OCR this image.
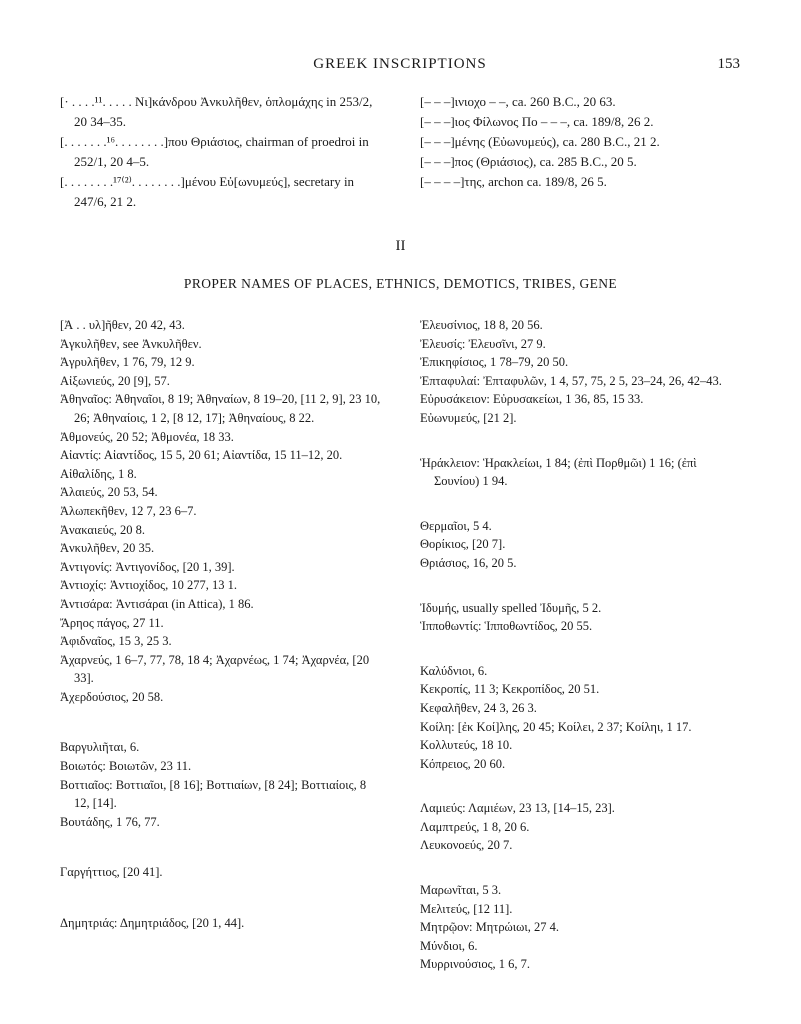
GREEK INSCRIPTIONS	153

[· . . . .¹¹. . . . . Νι]κάνδρου Ἀνκυλῆθεν, ὁπλομάχης in 253/2, 20 34–35.

[. . . . . . .¹⁶. . . . . . . .]που Θριάσιος, chairman of proedroi in 252/1, 20 4–5.

[. . . . . . . .¹⁷⁽²⁾. . . . . . . .]μένου Εὐ[ωνυμεύς], secretary in 247/6, 21 2.

[– – –]ινιοχο – –, ca. 260 B.C., 20 63.

[– – –]ιος Φίλωνος Πο – – –, ca. 189/8, 26 2.

[– – –]μένης (Εὐωνυμεύς), ca. 280 B.C., 21 2.

[– – –]πος (Θριάσιος), ca. 285 B.C., 20 5.

[– – – –]της, archon ca. 189/8, 26 5.

II
PROPER NAMES OF PLACES, ETHNICS, DEMOTICS, TRIBES, GENE

[Ἀ . . υλ]ῆθεν, 20 42, 43.

Ἀγκυλῆθεν, see Ἀνκυλῆθεν.

Ἀγρυλῆθεν, 1 76, 79, 12 9.

Αἰξωνιεύς, 20 [9], 57.

Ἀθηναῖος: Ἀθηναῖοι, 8 19; Ἀθηναίων, 8 19–20, [11 2, 9], 23 10, 26; Ἀθηναίοις, 1 2, [8 12, 17]; Ἀθηναίους, 8 22.

Ἀθμονεύς, 20 52; Ἀθμονέα, 18 33.

Αἰαντίς: Αἰαντίδος, 15 5, 20 61; Αἰαντίδα, 15 11–12, 20.

Αἰθαλίδης, 1 8.

Ἁλαιεύς, 20 53, 54.

Ἀλωπεκῆθεν, 12 7, 23 6–7.

Ἀνακαιεύς, 20 8.

Ἀνκυλῆθεν, 20 35.

Ἀντιγονίς: Ἀντιγονίδος, [20 1, 39].

Ἀντιοχίς: Ἀντιοχίδος, 10 277, 13 1.

Ἀντισάρα: Ἀντισάραι (in Attica), 1 86.

Ἄρηος πάγος, 27 11.

Ἀφιδναῖος, 15 3, 25 3.

Ἀχαρνεύς, 1 6–7, 77, 78, 18 4; Ἀχαρνέως, 1 74; Ἀχαρνέα, [20 33].

Ἀχερδούσιος, 20 58.

Βαργυλιῆται, 6.

Βοιωτός: Βοιωτῶν, 23 11.

Βοττιαῖος: Βοττιαῖοι, [8 16]; Βοττιαίων, [8 24]; Βοττιαίοις, 8 12, [14].

Βουτάδης, 1 76, 77.

Γαργήττιος, [20 41].

Δημητριάς: Δημητριάδος, [20 1, 44].

Ἐλευσίνιος, 18 8, 20 56.

Ἐλευσίς: Ἐλευσῖνι, 27 9.

Ἐπικηφίσιος, 1 78–79, 20 50.

Ἐπταφυλαί: Ἐπταφυλῶν, 1 4, 57, 75, 2 5, 23–24, 26, 42–43.

Εὐρυσάκειον: Εὐρυσακείωι, 1 36, 85, 15 33.

Εὐωνυμεύς, [21 2].

Ἡράκλειον: Ἡρακλείωι, 1 84; (ἐπὶ Πορθμῶι) 1 16; (ἐπὶ Σουνίου) 1 94.

Θερμαῖοι, 5 4.

Θορίκιος, [20 7].

Θριάσιος, 16, 20 5.

Ἰδυμής, usually spelled Ἰδυμῆς, 5 2.

Ἱπποθωντίς: Ἱπποθωντίδος, 20 55.

Καλύδνιοι, 6.

Κεκροπίς, 11 3; Κεκροπίδος, 20 51.

Κεφαλῆθεν, 24 3, 26 3.

Κοίλη: [ἐκ Κοί]λης, 20 45; Κοίλει, 2 37; Κοίληι, 1 17.

Κολλυτεύς, 18 10.

Κόπρειος, 20 60.

Λαμιεύς: Λαμιέων, 23 13, [14–15, 23].

Λαμπτρεύς, 1 8, 20 6.

Λευκονοεύς, 20 7.

Μαρωνῖται, 5 3.

Μελιτεύς, [12 11].

Μητρῷον: Μητρώιωι, 27 4.

Μύνδιοι, 6.

Μυρρινούσιος, 1 6, 7.
